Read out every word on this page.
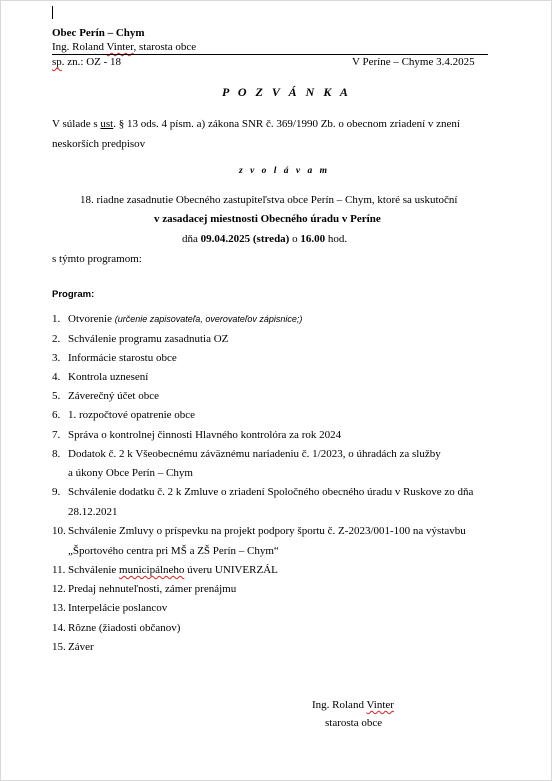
Obec Perín – Chym
Ing. Roland Vinter, starosta obce
sp. zn.: OZ - 18	V Períne – Chyme 3.4.2025
P O Z V Á N K A
V súlade s ust. § 13 ods. 4 písm. a) zákona SNR č. 369/1990 Zb. o obecnom zriadení v znení
neskorších predpisov
z v o l á v a m
18. riadne zasadnutie Obecného zastupiteľstva obce Perín – Chym, ktoré sa uskutoční
v zasadacej miestnosti Obecného úradu v Períne
dňa 09.04.2025 (streda) o 16.00 hod.
s týmto programom:
Program:
1. Otvorenie (určenie zapisovateľa, overovateľov zápisnice;)
2. Schválenie programu zasadnutia OZ
3. Informácie starostu obce
4. Kontrola uznesení
5. Záverečný účet obce
6. 1. rozpočtové opatrenie obce
7. Správa o kontrolnej činnosti Hlavného kontrolóra za rok 2024
8. Dodatok č. 2 k Všeobecnému záväznému nariadeniu č. 1/2023, o úhradách za služby
a úkony Obce Perín – Chym
9. Schválenie dodatku č. 2 k Zmluve o zriadení Spoločného obecného úradu v Ruskove zo dňa
28.12.2021
10. Schválenie Zmluvy o príspevku na projekt podpory športu č. Z-2023/001-100 na výstavbu
„Športového centra pri MŠ a ZŠ Perín – Chym“
11. Schválenie municipálneho úveru UNIVERZÁL
12. Predaj nehnuteľnosti, zámer prenájmu
13. Interpelácie poslancov
14. Rôzne (žiadosti občanov)
15. Záver
Ing. Roland Vinter
starosta obce
